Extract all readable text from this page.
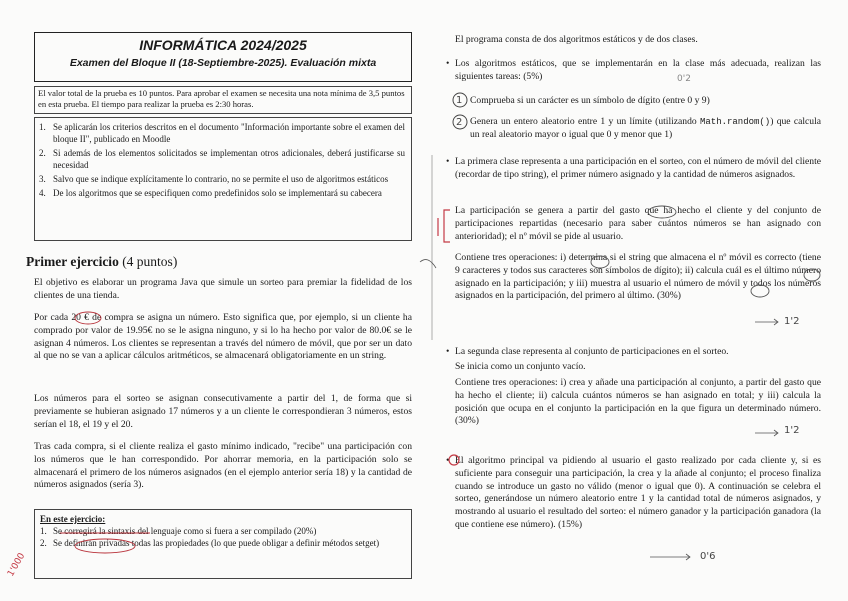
INFORMÁTICA 2024/2025
Examen del Bloque II (18-Septiembre-2025). Evaluación mixta
El valor total de la prueba es 10 puntos. Para aprobar el examen se necesita una nota mínima de 3,5 puntos en esta prueba. El tiempo para realizar la prueba es 2:30 horas.
1. Se aplicarán los criterios descritos en el documento "Información importante sobre el examen del bloque II", publicado en Moodle
2. Si además de los elementos solicitados se implementan otros adicionales, deberá justificarse su necesidad
3. Salvo que se indique explícitamente lo contrario, no se permite el uso de algoritmos estáticos
4. De los algoritmos que se especifiquen como predefinidos solo se implementará su cabecera
Primer ejercicio (4 puntos)

El objetivo es elaborar un programa Java que simule un sorteo para premiar la fidelidad de los clientes de una tienda.

Por cada 20 € de compra se asigna un número. Esto significa que, por ejemplo, si un cliente ha comprado por valor de 19.95€ no se le asigna ninguno, y si lo ha hecho por valor de 80.0€ se le asignan 4 números. Los clientes se representan a través del número de móvil, que por ser un dato al que no se van a aplicar cálculos aritméticos, se almacenará obligatoriamente en un string.

Los números para el sorteo se asignan consecutivamente a partir del 1, de forma que si previamente se hubieran asignado 17 números y a un cliente le correspondieran 3 números, estos serían el 18, el 19 y el 20.

Tras cada compra, si el cliente realiza el gasto mínimo indicado, "recibe" una participación con los números que le han correspondido. Por ahorrar memoria, en la participación solo se almacenará el primero de los números asignados (en el ejemplo anterior sería 18) y la cantidad de números asignados (sería 3).

En este ejercicio:
1. Se corregirá la sintaxis del lenguaje como si fuera a ser compilado (20%)
2. Se definirán privadas todas las propiedades (lo que puede obligar a definir métodos setget)

El programa consta de dos algoritmos estáticos y de dos clases.

• Los algoritmos estáticos, que se implementarán en la clase más adecuada, realizan las siguientes tareas: (5%)
Comprueba si un carácter es un símbolo de dígito (entre 0 y 9)
Genera un entero aleatorio entre 1 y un límite (utilizando Math.random()) que calcula un real aleatorio mayor o igual que 0 y menor que 1)
• La primera clase representa a una participación en el sorteo, con el número de móvil del cliente (recordar de tipo string), el primer número asignado y la cantidad de números asignados.

La participación se genera a partir del gasto que ha hecho el cliente y del conjunto de participaciones repartidas (necesario para saber cuántos números se han asignado con anterioridad); el nº móvil se pide al usuario.

Contiene tres operaciones: i) determina si el string que almacena el nº móvil es correcto (tiene 9 caracteres y todos sus caracteres son símbolos de dígito); ii) calcula cuál es el último número asignado en la participación; y iii) muestra al usuario el número de móvil y todos los números asignados en la participación, del primero al último. (30%)

• La segunda clase representa al conjunto de participaciones en el sorteo.

Se inicia como un conjunto vacío.

Contiene tres operaciones: i) crea y añade una participación al conjunto, a partir del gasto que ha hecho el cliente; ii) calcula cuántos números se han asignado en total; y iii) calcula la posición que ocupa en el conjunto la participación en la que figura un determinado número. (30%)

• El algoritmo principal va pidiendo al usuario el gasto realizado por cada cliente y, si es suficiente para conseguir una participación, la crea y la añade al conjunto; el proceso finaliza cuando se introduce un gasto no válido (menor o igual que 0). A continuación se celebra el sorteo, generándose un número aleatorio entre 1 y la cantidad total de números asignados, y mostrando al usuario el resultado del sorteo: el número ganador y la participación ganadora (la que contiene ese número). (15%)
1
2
0'2
1'2
1'2
0'6
1'000
